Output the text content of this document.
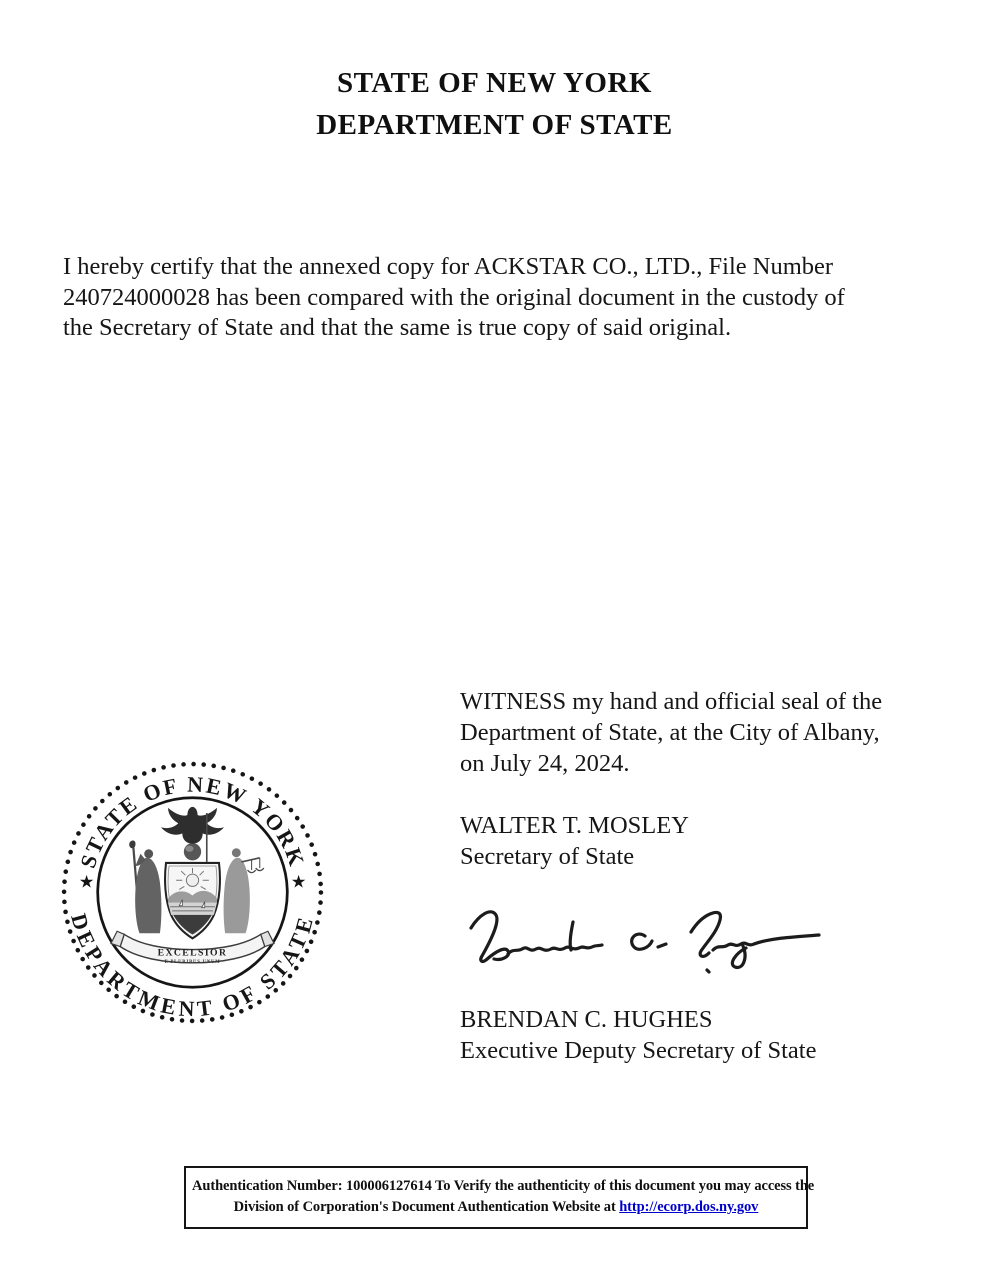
STATE OF NEW YORK
DEPARTMENT OF STATE
I hereby certify that the annexed copy for ACKSTAR CO., LTD., File Number
240724000028 has been compared with the original document in the custody of
the Secretary of State and that the same is true copy of said original.
WITNESS my hand and official seal of the
Department of State, at the City of Albany,
on July 24, 2024.
WALTER T. MOSLEY
Secretary of State
BRENDAN C. HUGHES
Executive Deputy Secretary of State
STATE OF NEW YORK
DEPARTMENT OF STATE
★	★
EXCELSIOR
E PLURIBUS UNUM
Authentication Number: 100006127614 To Verify the authenticity of this document you may access the
Division of Corporation's Document Authentication Website at http://ecorp.dos.ny.gov
